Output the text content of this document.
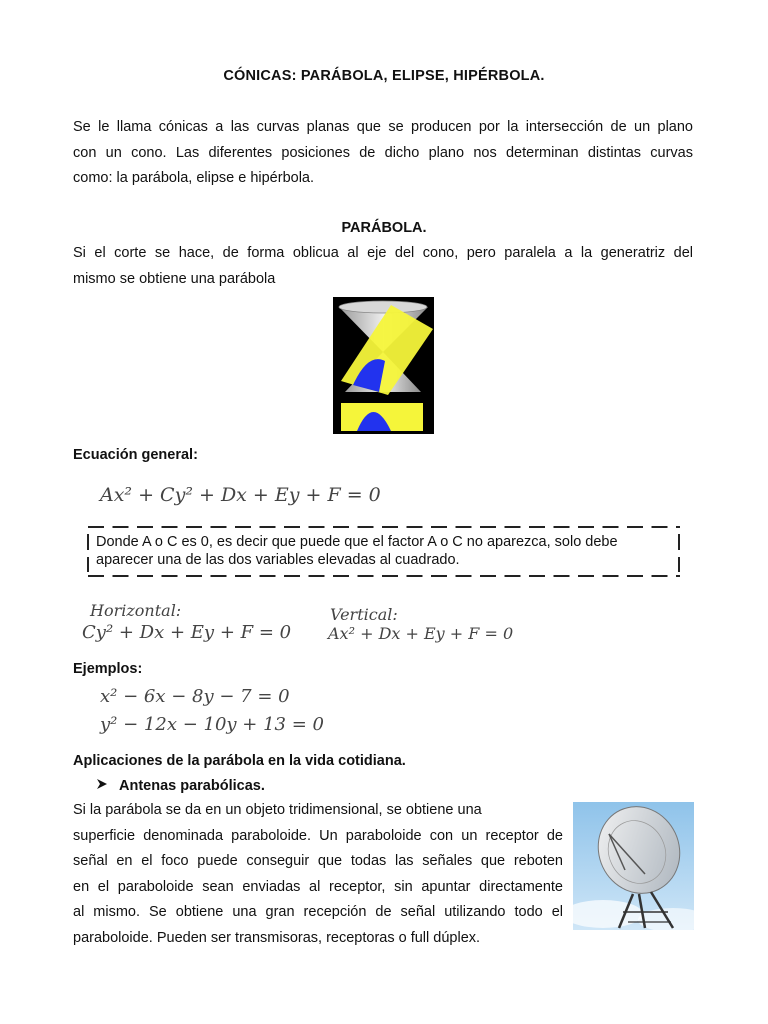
CÓNICAS: PARÁBOLA, ELIPSE, HIPÉRBOLA.
Se le llama cónicas a las curvas planas que se producen por la intersección de un plano
con un cono. Las diferentes posiciones de dicho plano nos determinan distintas curvas
como: la parábola, elipse e hipérbola.
PARÁBOLA.
Si el corte se hace, de forma oblicua al eje del cono, pero paralela a la generatriz del
mismo se obtiene una parábola
Ecuación general:
Ax² + Cy² + Dx + Ey + F = 0
Donde A o C es 0, es decir que puede que el factor A o C no aparezca, solo debe
aparecer una de las dos variables elevadas al cuadrado.
Horizontal:
Cy² + Dx + Ey + F = 0
Vertical:
Ax² + Dx + Ey + F = 0
Ejemplos:
x² − 6x − 8y − 7 = 0
y² − 12x − 10y + 13 = 0
Aplicaciones de la parábola en la vida cotidiana.
Antenas parabólicas.
Si la parábola se da en un objeto tridimensional, se obtiene una
superficie denominada paraboloide. Un paraboloide con un receptor de
señal en el foco puede conseguir que todas las señales que reboten
en el paraboloide sean enviadas al receptor, sin apuntar directamente
al mismo. Se obtiene una gran recepción de señal utilizando todo el
paraboloide. Pueden ser transmisoras, receptoras o full dúplex.
